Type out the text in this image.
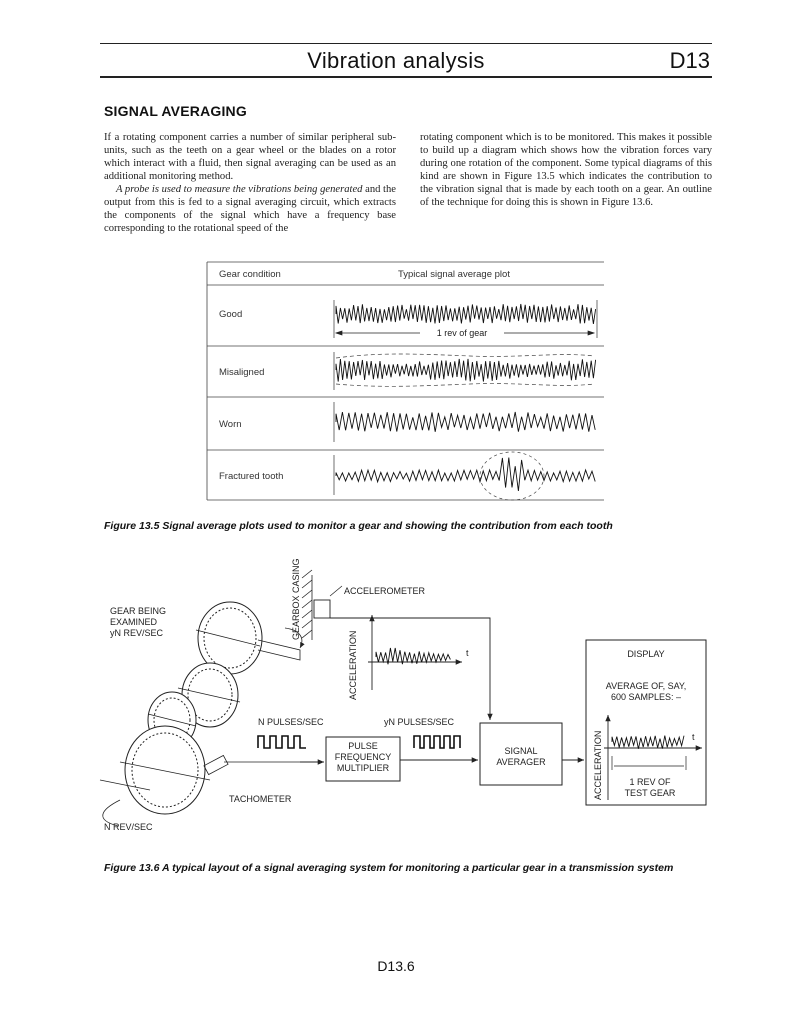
Vibration analysis	D13
SIGNAL AVERAGING

If a rotating component carries a number of similar peripheral sub-units, such as the teeth on a gear wheel or the blades on a rotor which interact with a fluid, then signal averaging can be used as an additional monitoring method.

A probe is used to measure the vibrations being generated and the output from this is fed to a signal averaging circuit, which extracts the components of the signal which have a frequency base corresponding to the rotational speed of the

rotating component which is to be monitored. This makes it possible to build up a diagram which shows how the vibration forces vary during one rotation of the component. Some typical diagrams of this kind are shown in Figure 13.5 which indicates the contribution to the vibration signal that is made by each tooth on a gear. An outline of the technique for doing this is shown in Figure 13.6.

1 rev of gear
Gear condition	Typical signal average plot
Good
Misaligned
Worn
Fractured tooth
Figure 13.5 Signal average plots used to monitor a gear and showing the contribution from each tooth
GEARBOX CASING
ACCELERATION
ACCELERATION
t
t
GEAR BEING
EXAMINED
yN REV/SEC
ACCELEROMETER
N PULSES/SEC	yN PULSES/SEC
PULSE
FREQUENCY
MULTIPLIER
SIGNAL
AVERAGER
DISPLAY
AVERAGE OF, SAY,
600 SAMPLES: –
1 REV OF
TEST GEAR
TACHOMETER
N REV/SEC
Figure 13.6 A typical layout of a signal averaging system for monitoring a particular gear in a transmission system
D13.6
